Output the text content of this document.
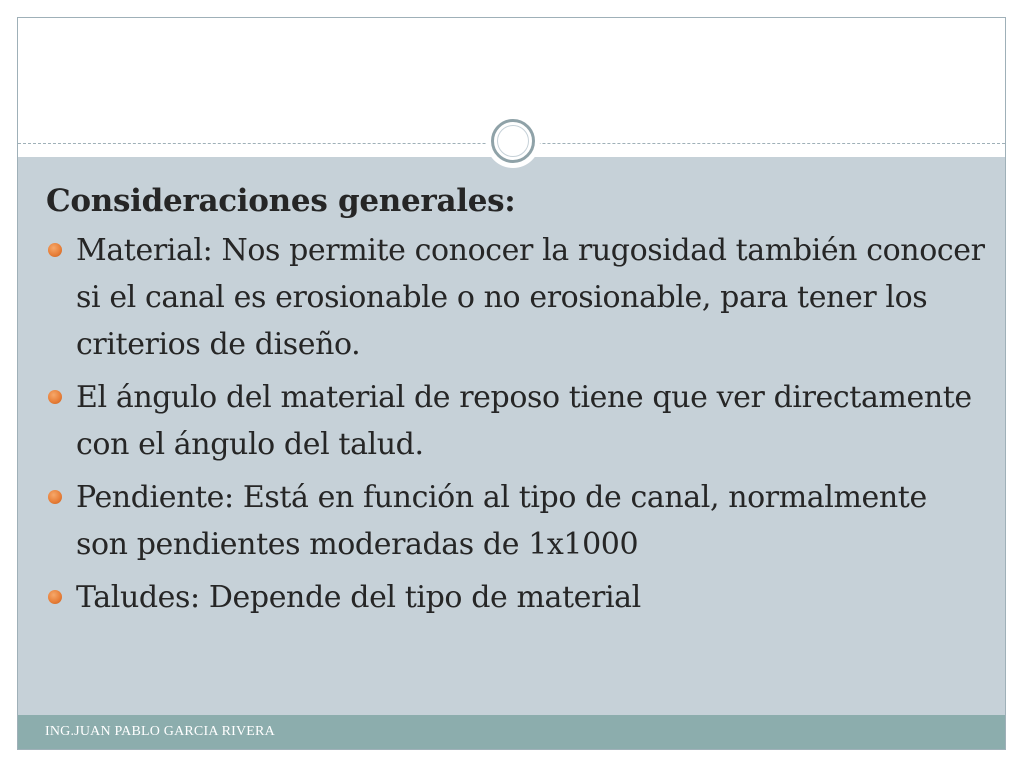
Consideraciones generales:
Material: Nos permite conocer la rugosidad también conocer si el canal es erosionable o no erosionable, para tener los criterios de diseño.
El ángulo del material de reposo tiene que ver directamente con el ángulo del talud.
Pendiente: Está en función al tipo de canal, normalmente son pendientes moderadas de 1x1000
Taludes: Depende del tipo de material
ING.JUAN PABLO GARCIA RIVERA
